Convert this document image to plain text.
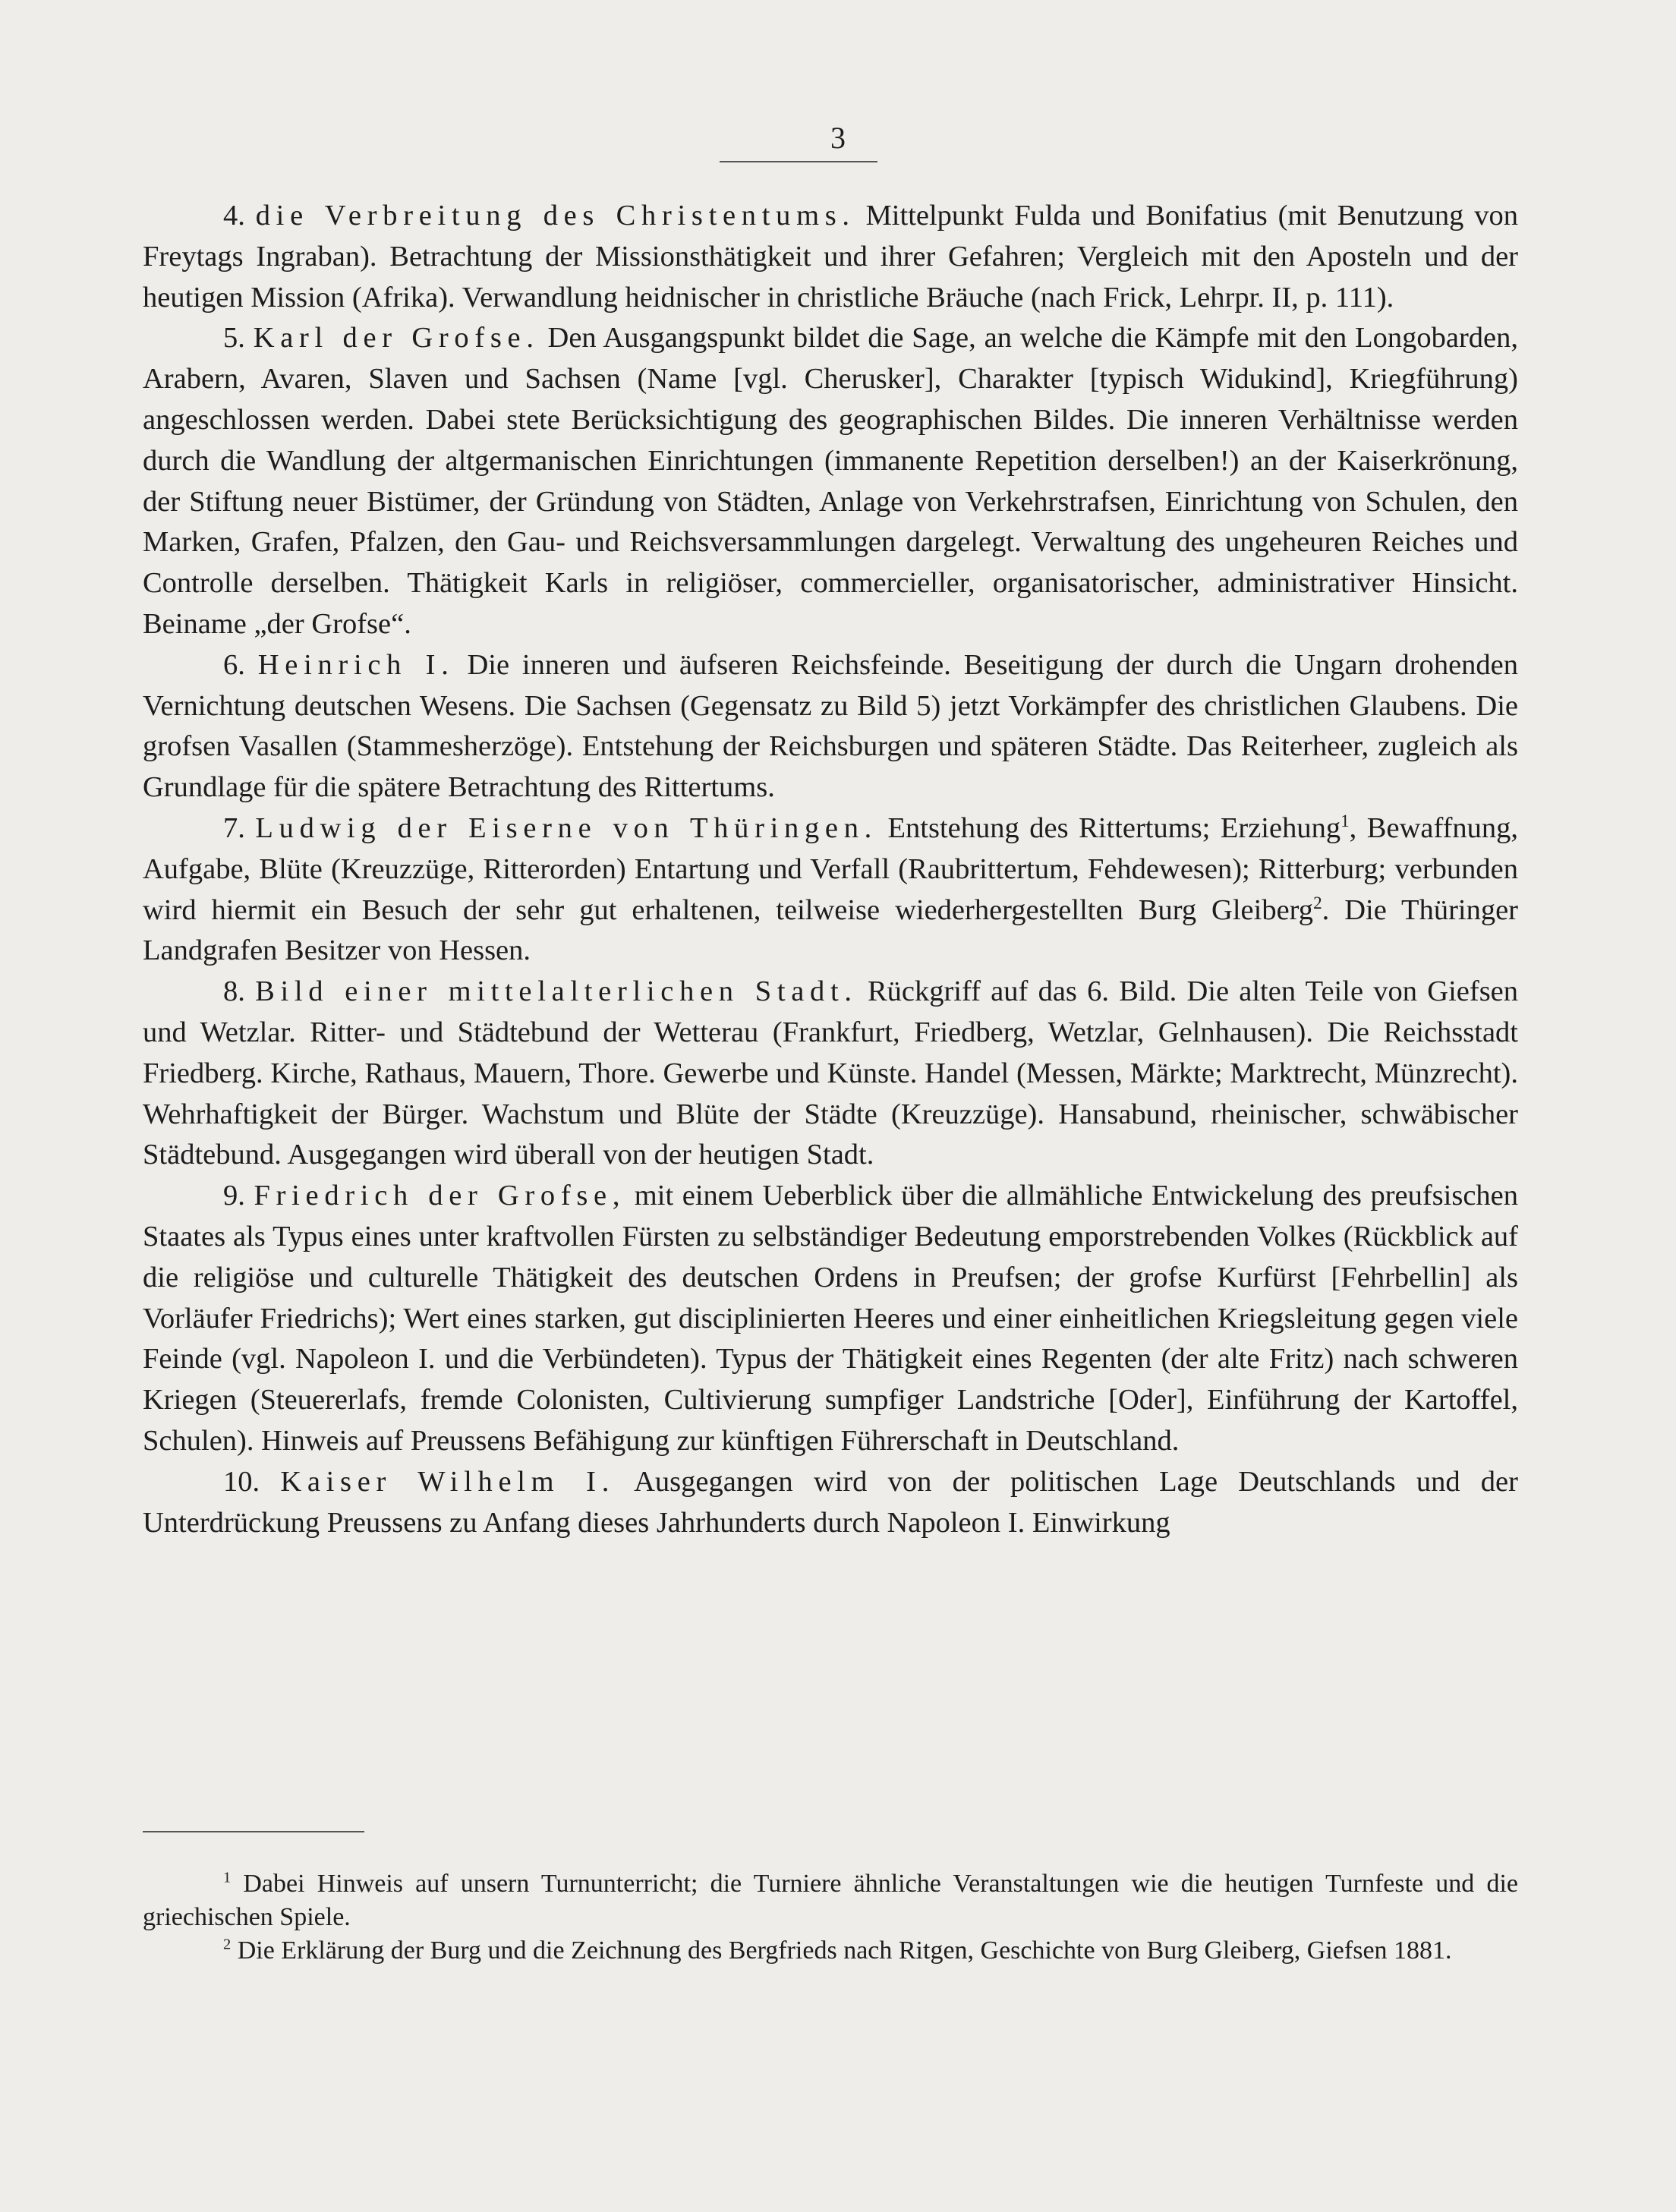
3

4. die Verbreitung des Christentums. Mittelpunkt Fulda und Bonifatius (mit Benutzung von Freytags Ingraban). Betrachtung der Missionsthätigkeit und ihrer Gefahren; Vergleich mit den Aposteln und der heutigen Mission (Afrika). Verwandlung heidnischer in christliche Bräuche (nach Frick, Lehrpr. II, p. 111).

5. Karl der Grofse. Den Ausgangspunkt bildet die Sage, an welche die Kämpfe mit den Longobarden, Arabern, Avaren, Slaven und Sachsen (Name [vgl. Cherusker], Charakter [typisch Widukind], Kriegführung) angeschlossen werden. Dabei stete Berücksichtigung des geographischen Bildes. Die inneren Verhältnisse werden durch die Wandlung der altgermanischen Einrichtungen (immanente Repetition derselben!) an der Kaiserkrönung, der Stiftung neuer Bistümer, der Gründung von Städten, Anlage von Verkehrstrafsen, Einrichtung von Schulen, den Marken, Grafen, Pfalzen, den Gau- und Reichsversammlungen dargelegt. Verwaltung des ungeheuren Reiches und Controlle derselben. Thätigkeit Karls in religiöser, commercieller, organisatorischer, administrativer Hinsicht. Beiname „der Grofse“.

6. Heinrich I. Die inneren und äufseren Reichsfeinde. Beseitigung der durch die Ungarn drohenden Vernichtung deutschen Wesens. Die Sachsen (Gegensatz zu Bild 5) jetzt Vorkämpfer des christlichen Glaubens. Die grofsen Vasallen (Stammesherzöge). Entstehung der Reichsburgen und späteren Städte. Das Reiterheer, zugleich als Grundlage für die spätere Betrachtung des Rittertums.

7. Ludwig der Eiserne von Thüringen. Entstehung des Rittertums; Erziehung$^1$, Bewaffnung, Aufgabe, Blüte (Kreuzzüge, Ritterorden) Entartung und Verfall (Raubrittertum, Fehdewesen); Ritterburg; verbunden wird hiermit ein Besuch der sehr gut erhaltenen, teilweise wiederhergestellten Burg Gleiberg$^2$. Die Thüringer Landgrafen Besitzer von Hessen.

8. Bild einer mittelalterlichen Stadt. Rückgriff auf das 6. Bild. Die alten Teile von Giefsen und Wetzlar. Ritter- und Städtebund der Wetterau (Frankfurt, Friedberg, Wetzlar, Gelnhausen). Die Reichsstadt Friedberg. Kirche, Rathaus, Mauern, Thore. Gewerbe und Künste. Handel (Messen, Märkte; Marktrecht, Münzrecht). Wehrhaftigkeit der Bürger. Wachstum und Blüte der Städte (Kreuzzüge). Hansabund, rheinischer, schwäbischer Städtebund. Ausgegangen wird überall von der heutigen Stadt.

9. Friedrich der Grofse, mit einem Ueberblick über die allmähliche Entwickelung des preufsischen Staates als Typus eines unter kraftvollen Fürsten zu selbständiger Bedeutung emporstrebenden Volkes (Rückblick auf die religiöse und culturelle Thätigkeit des deutschen Ordens in Preufsen; der grofse Kurfürst [Fehrbellin] als Vorläufer Friedrichs); Wert eines starken, gut disciplinierten Heeres und einer einheitlichen Kriegsleitung gegen viele Feinde (vgl. Napoleon I. und die Verbündeten). Typus der Thätigkeit eines Regenten (der alte Fritz) nach schweren Kriegen (Steuererlafs, fremde Colonisten, Cultivierung sumpfiger Landstriche [Oder], Einführung der Kartoffel, Schulen). Hinweis auf Preussens Befähigung zur künftigen Führerschaft in Deutschland.

10. Kaiser Wilhelm I. Ausgegangen wird von der politischen Lage Deutschlands und der Unterdrückung Preussens zu Anfang dieses Jahrhunderts durch Napoleon I. Einwirkung

$^1$ Dabei Hinweis auf unsern Turnunterricht; die Turniere ähnliche Veranstaltungen wie die heutigen Turnfeste und die griechischen Spiele.

$^2$ Die Erklärung der Burg und die Zeichnung des Bergfrieds nach Ritgen, Geschichte von Burg Gleiberg, Giefsen 1881.
